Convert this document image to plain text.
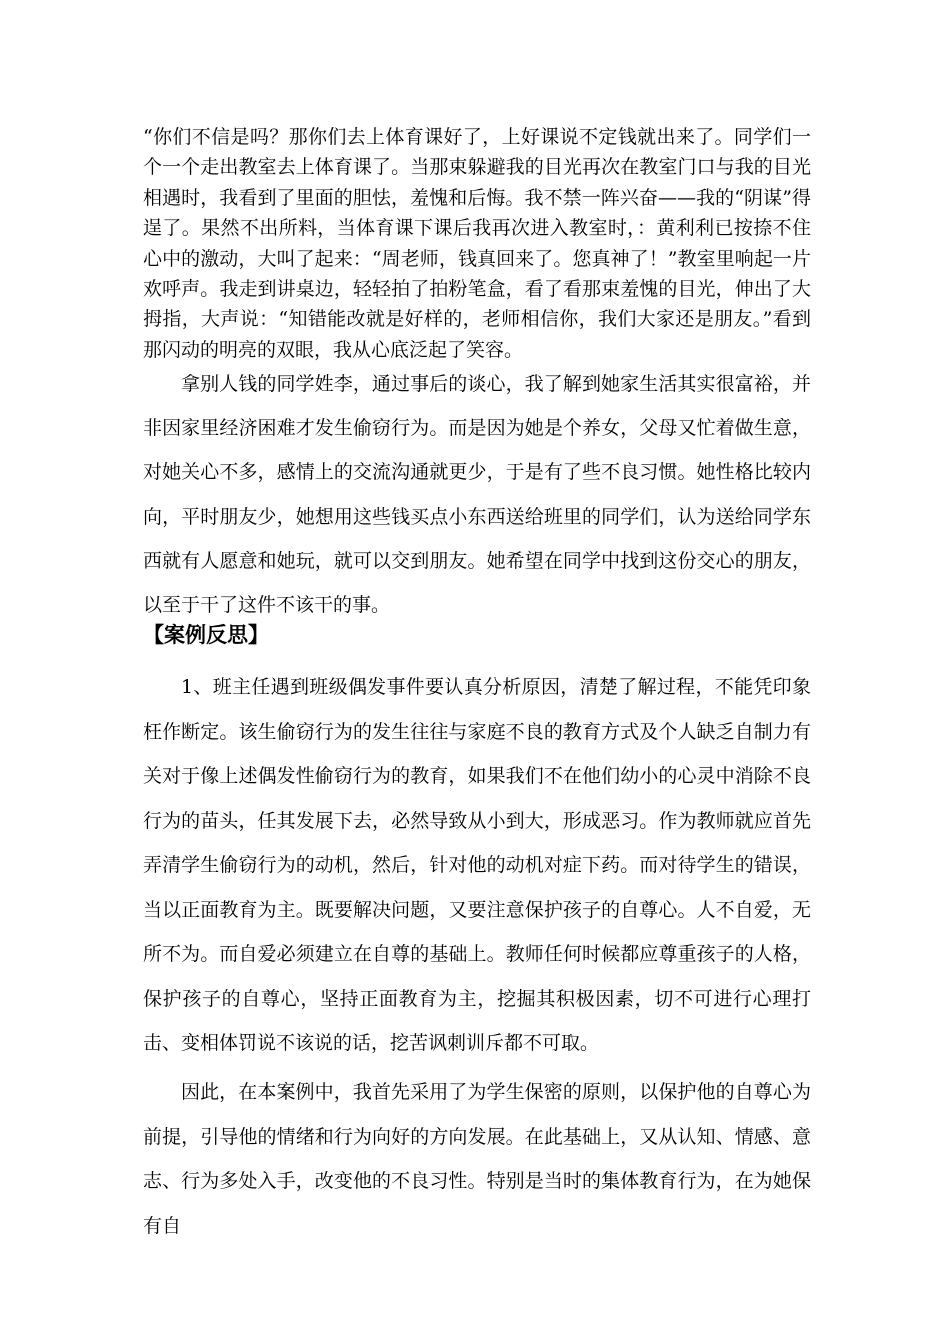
“你们不信是吗？那你们去上体育课好了，上好课说不定钱就出来了。同学们一个一个走出教室去上体育课了。当那束躲避我的目光再次在教室门口与我的目光相遇时，我看到了里面的胆怯，羞愧和后悔。我不禁一阵兴奋——我的“阴谋”得逞了。果然不出所料，当体育课下课后我再次进入教室时，：黄利利已按捺不住心中的激动，大叫了起来：“周老师，钱真回来了。您真神了！”教室里响起一片欢呼声。我走到讲桌边，轻轻拍了拍粉笔盒，看了看那束羞愧的目光，伸出了大拇指，大声说：“知错能改就是好样的，老师相信你，我们大家还是朋友。”看到那闪动的明亮的双眼，我从心底泛起了笑容。

拿别人钱的同学姓李，通过事后的谈心，我了解到她家生活其实很富裕，并非因家里经济困难才发生偷窃行为。而是因为她是个养女，父母又忙着做生意，对她关心不多，感情上的交流沟通就更少，于是有了些不良习惯。她性格比较内向，平时朋友少，她想用这些钱买点小东西送给班里的同学们，认为送给同学东西就有人愿意和她玩，就可以交到朋友。她希望在同学中找到这份交心的朋友，以至于干了这件不该干的事。

【案例反思】

1、班主任遇到班级偶发事件要认真分析原因，清楚了解过程，不能凭印象枉作断定。该生偷窃行为的发生往往与家庭不良的教育方式及个人缺乏自制力有关对于像上述偶发性偷窃行为的教育，如果我们不在他们幼小的心灵中消除不良行为的苗头，任其发展下去，必然导致从小到大，形成恶习。作为教师就应首先弄清学生偷窃行为的动机，然后，针对他的动机对症下药。而对待学生的错误，当以正面教育为主。既要解决问题，又要注意保护孩子的自尊心。人不自爱，无所不为。而自爱必须建立在自尊的基础上。教师任何时候都应尊重孩子的人格，保护孩子的自尊心，坚持正面教育为主，挖掘其积极因素，切不可进行心理打击、变相体罚说不该说的话，挖苦讽刺训斥都不可取。

因此，在本案例中，我首先采用了为学生保密的原则，以保护他的自尊心为前提，引导他的情绪和行为向好的方向发展。在此基础上，又从认知、情感、意志、行为多处入手，改变他的不良习性。特别是当时的集体教育行为，在为她保有自
